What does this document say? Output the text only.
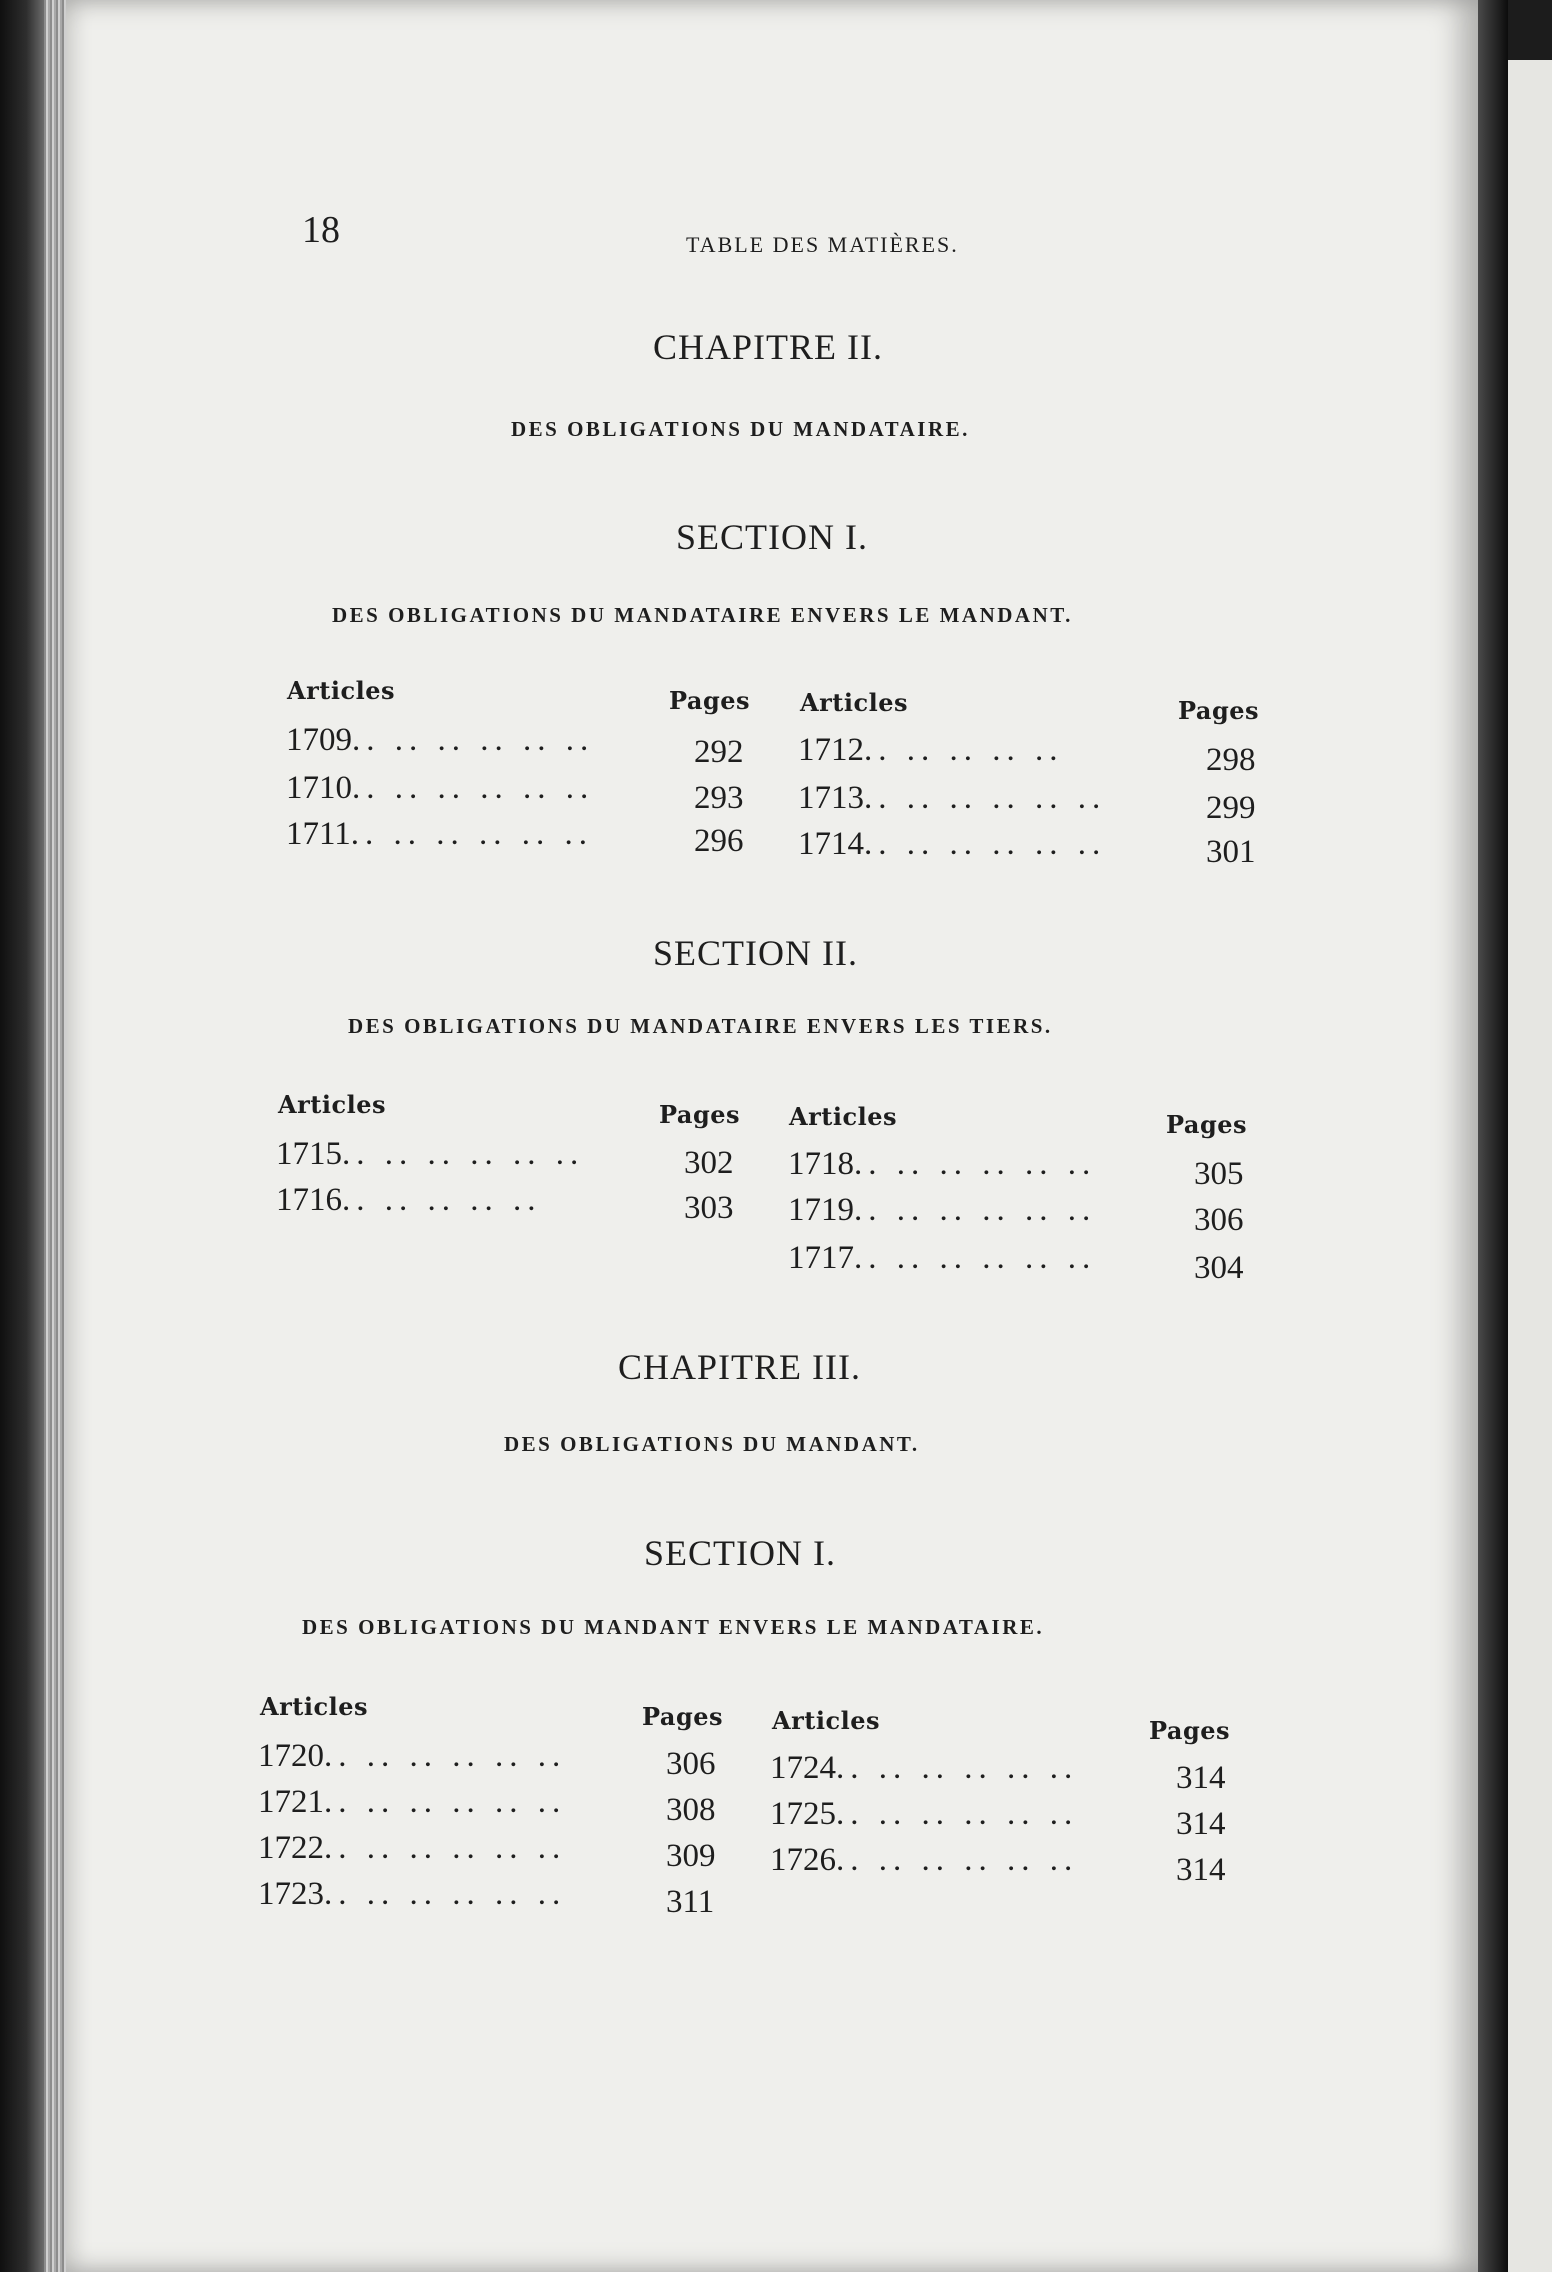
18	TABLE DES MATIÈRES.
CHAPITRE II.
DES OBLIGATIONS DU MANDATAIRE.
SECTION I.
DES OBLIGATIONS DU MANDATAIRE ENVERS LE MANDANT.
Articles	Pages Articles	Pages
1709.. .. .. .. .. ..	292
1710.. .. .. .. .. ..	293
1711.. .. .. .. .. ..	296
1712.. .. .. .. ..	298
1713.. .. .. .. .. ..	299
1714.. .. .. .. .. ..	301
SECTION II.
DES OBLIGATIONS DU MANDATAIRE ENVERS LES TIERS.
Articles	Pages Articles	Pages
1715.. .. .. .. .. ..	302
1716.. .. .. .. ..	303
1718.. .. .. .. .. ..	305
1719.. .. .. .. .. ..	306
1717.. .. .. .. .. ..	304
CHAPITRE III.
DES OBLIGATIONS DU MANDANT.
SECTION I.
DES OBLIGATIONS DU MANDANT ENVERS LE MANDATAIRE.
Articles	Pages Articles	Pages
1720.. .. .. .. .. ..	306
1721.. .. .. .. .. ..	308
1722.. .. .. .. .. ..	309
1723.. .. .. .. .. ..	311
1724.. .. .. .. .. ..	314
1725.. .. .. .. .. ..	314
1726.. .. .. .. .. ..	314
